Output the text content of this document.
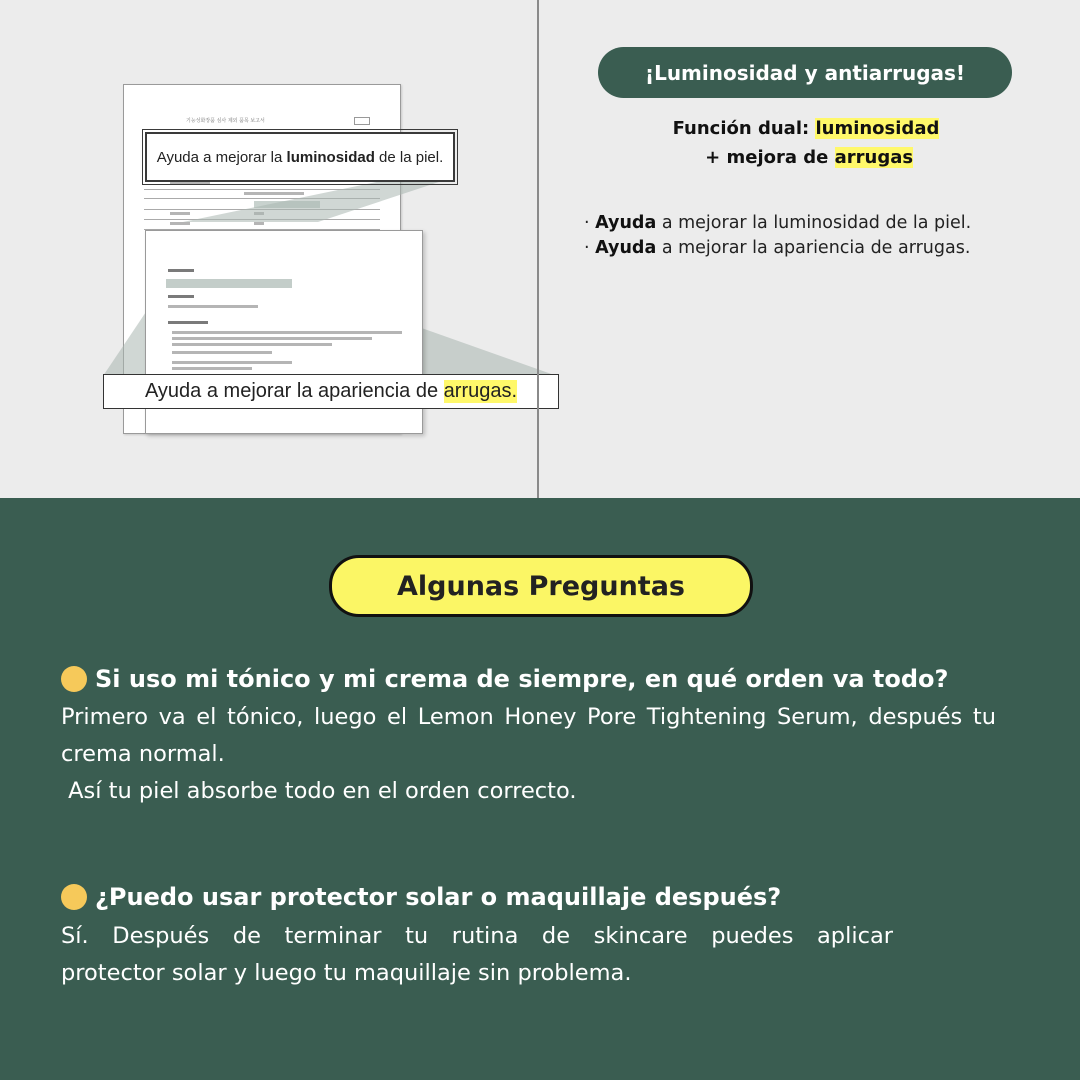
기능성화장품 심사 제외 품목 보고서
Ayuda a mejorar la luminosidad de la piel.
Ayuda a mejorar la apariencia de arrugas.
¡Luminosidad y antiarrugas!
Función dual: luminosidad + mejora de arrugas
· Ayuda a mejorar la luminosidad de la piel.
· Ayuda a mejorar la apariencia de arrugas.
Algunas Preguntas
Si uso mi tónico y mi crema de siempre, en qué orden va todo?
Primero va el tónico, luego el Lemon Honey Pore Tightening Serum, después tu crema normal.
Así tu piel absorbe todo en el orden correcto.
¿Puedo usar protector solar o maquillaje después?
Sí. Después de terminar tu rutina de skincare puedes aplicar
protector solar y luego tu maquillaje sin problema.
